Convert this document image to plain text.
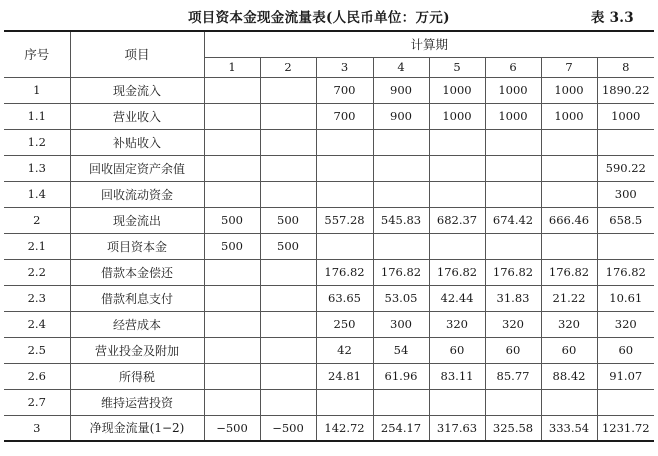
项目资本金现金流量表(人民币单位：万元)	表 3.3
序号	项目	计算期							
		1	2	3	4	5	6	7	8
1	现金流入			700	900	1000	1000	1000	1890.22
1.1	营业收入			700	900	1000	1000	1000	1000
1.2	补贴收入								
1.3	回收固定资产余值								590.22
1.4	回收流动资金								300
2	现金流出	500	500	557.28	545.83	682.37	674.42	666.46	658.5
2.1	项目资本金	500	500						
2.2	借款本金偿还			176.82	176.82	176.82	176.82	176.82	176.82
2.3	借款利息支付			63.65	53.05	42.44	31.83	21.22	10.61
2.4	经营成本			250	300	320	320	320	320
2.5	营业投金及附加			42	54	60	60	60	60
2.6	所得税			24.81	61.96	83.11	85.77	88.42	91.07
2.7	维持运营投资								
3	净现金流量(1−2)	−500	−500	142.72	254.17	317.63	325.58	333.54	1231.72
